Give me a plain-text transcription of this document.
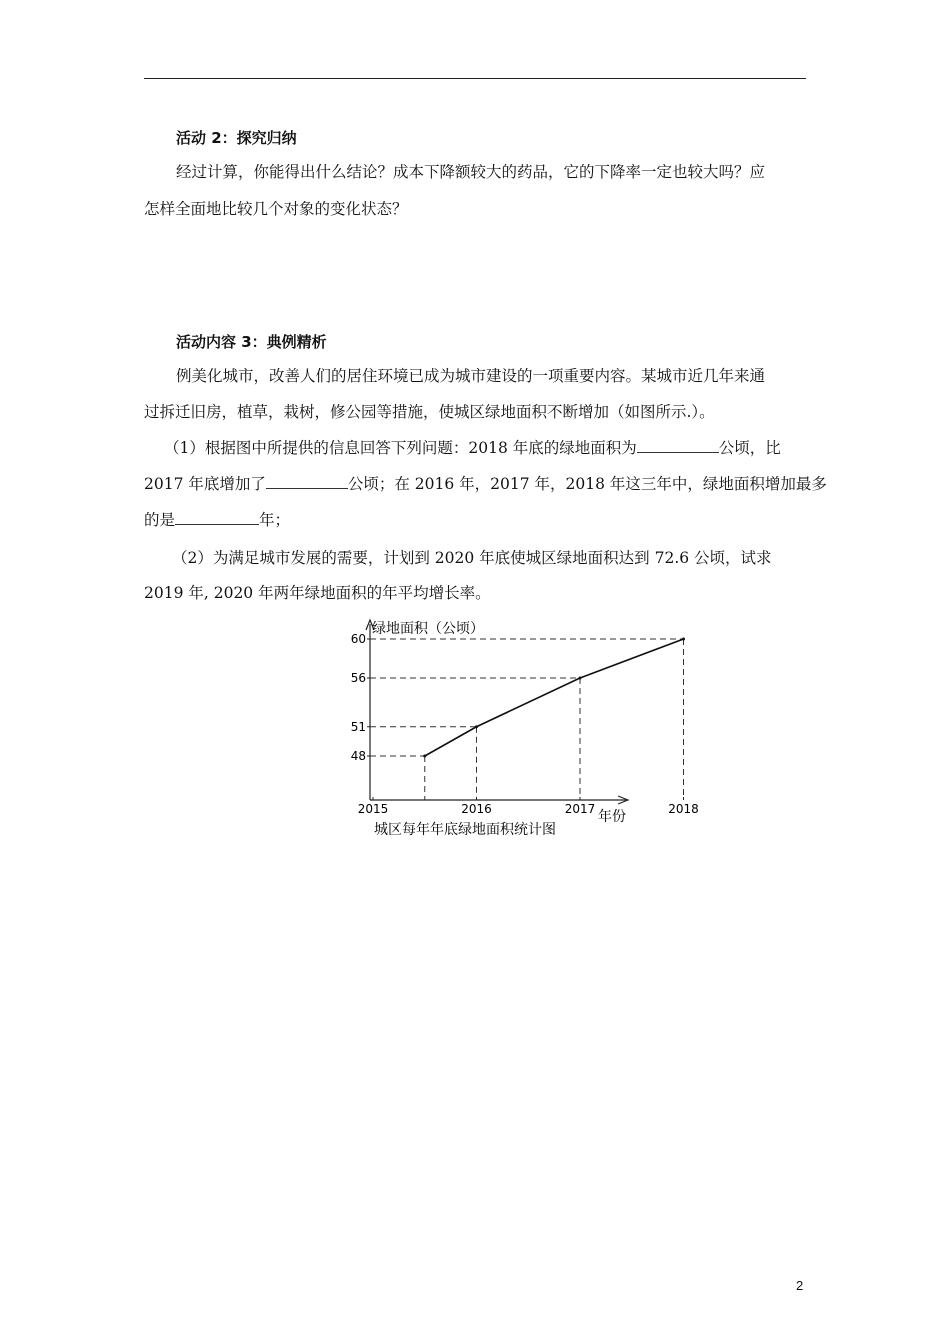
活动 2：探究归纳
经过计算，你能得出什么结论？成本下降额较大的药品，它的下降率一定也较大吗？应
怎样全面地比较几个对象的变化状态？
活动内容 3：典例精析
例美化城市，改善人们的居住环境已成为城市建设的一项重要内容。某城市近几年来通
过拆迁旧房，植草，栽树，修公园等措施，使城区绿地面积不断增加（如图所示.）。
（1）根据图中所提供的信息回答下列问题：2018 年底的绿地面积为	公顷，比
2017 年底增加了	公顷；在 2016 年，2017 年，2018 年这三年中，绿地面积增加最多
的是	年；
（2）为满足城市发展的需要，计划到 2020 年底使城区绿地面积达到 72.6 公顷，试求
2019 年, 2020 年两年绿地面积的年平均增长率。
48
51
56
60
2015	2016	2017	2018
绿地面积（公顷）
年份
城区每年年底绿地面积统计图
2
